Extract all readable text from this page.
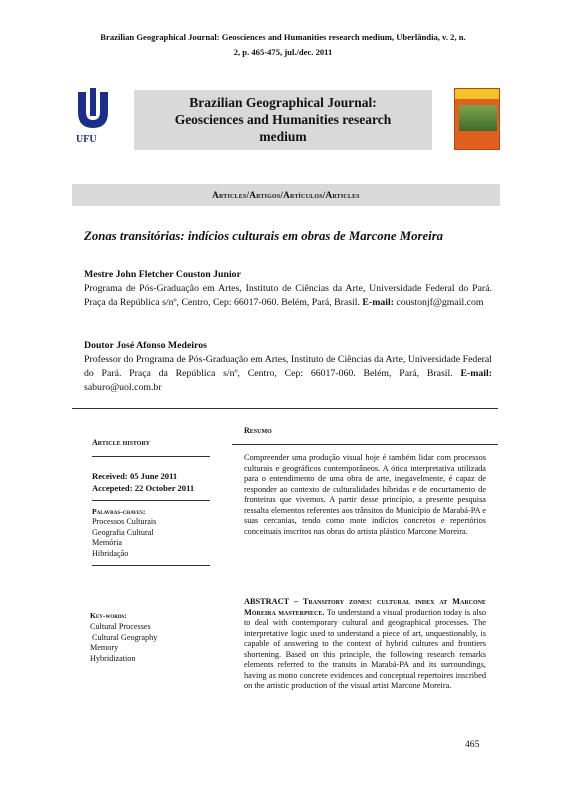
Brazilian Geographical Journal: Geosciences and Humanities research medium, Uberlândia, v. 2, n.
2, p. 465-475, jul./dec. 2011
UFU
Brazilian Geographical Journal:
Geosciences and Humanities research
medium
Articles/Artigos/Artículos/Articles
Zonas transitórias: indícios culturais em obras de Marcone Moreira
Mestre John Fletcher Couston Junior
Programa de Pós-Graduação em Artes, Instituto de Ciências da Arte, Universidade Federal do Pará. Praça da República s/nº, Centro, Cep: 66017-060. Belém, Pará, Brasil. E-mail: coustonjf@gmail.com
Doutor José Afonso Medeiros
Professor do Programa de Pós-Graduação em Artes, Instituto de Ciências da Arte, Universidade Federal do Pará. Praça da República s/nº, Centro, Cep: 66017-060. Belém, Pará, Brasil. E-mail: saburo@uol.com.br
Article history
Received: 05 June 2011
Accepeted: 22 October 2011
Palavras-chaves:
Processos Culturais
Geografia Cultural
Memória
Hibridação
Key-words:
Cultural Processes
Cultural Geography
Memory
Hybridization
Resumo
Compreender uma produção visual hoje é também lidar com processos culturais e geográficos contemporâneos. A ótica interpretativa utilizada para o entendimento de uma obra de arte, inegavelmente, é capaz de responder ao contexto de culturalidades híbridas e de encurtamento de fronteiras que vivemos. A partir desse princípio, a presente pesquisa ressalta elementos referentes aos trânsitos do Município de Marabá-PA e suas cercanias, tendo como mote indícios concretos e repertórios conceituais inscritos nas obras do artista plástico Marcone Moreira.
ABSTRACT – Transitory zones: cultural index at Marcone Moreira masterpiece. To understand a visual production today is also to deal with contemporary cultural and geographical processes. The interpretative logic used to understand a piece of art, unquestionably, is capable of answering to the context of hybrid cultures and frontiers shortening. Based on this principle, the following research remarks elements referred to the transits in Marabá-PA and its surroundings, having as motto concrete evidences and conceptual repertoires inscribed on the artistic production of the visual artist Marcone Moreira.
465
